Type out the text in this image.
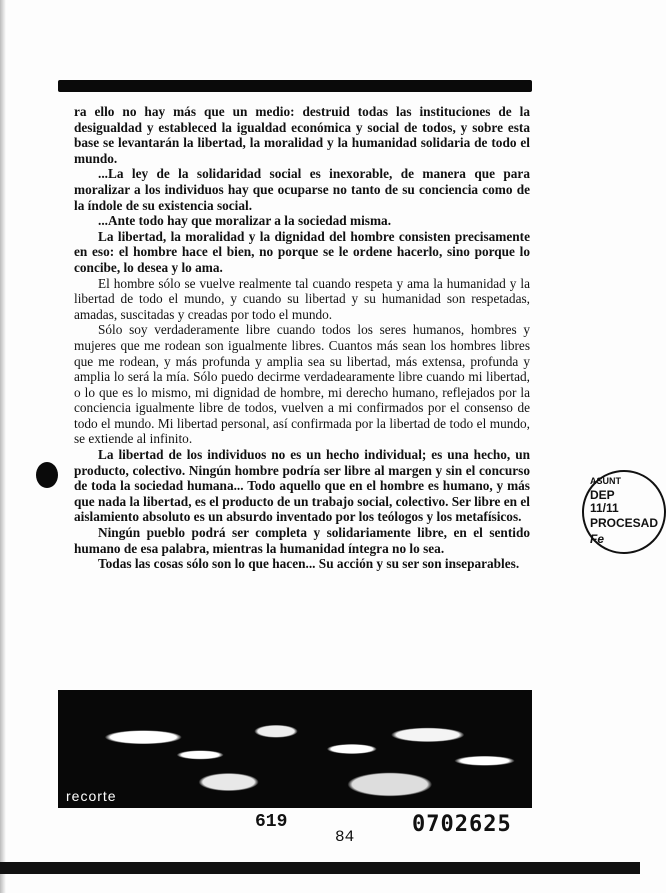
ra ello no hay más que un medio: destruid todas las instituciones de la desigualdad y estableced la igualdad económica y social de todos, y sobre esta base se levantarán la libertad, la moralidad y la humanidad solidaria de todo el mundo.

...La ley de la solidaridad social es inexorable, de manera que para moralizar a los individuos hay que ocuparse no tanto de su conciencia como de la índole de su existencia social.

...Ante todo hay que moralizar a la sociedad misma.

La libertad, la moralidad y la dignidad del hombre consisten precisamente en eso: el hombre hace el bien, no porque se le ordene hacerlo, sino porque lo concibe, lo desea y lo ama.

El hombre sólo se vuelve realmente tal cuando respeta y ama la humanidad y la libertad de todo el mundo, y cuando su libertad y su humanidad son respetadas, amadas, suscitadas y creadas por todo el mundo.

Sólo soy verdaderamente libre cuando todos los seres humanos, hombres y mujeres que me rodean son igualmente libres. Cuantos más sean los hombres libres que me rodean, y más profunda y amplia sea su libertad, más extensa, profunda y amplia lo será la mía. Sólo puedo decirme verdadearamente libre cuando mi libertad, o lo que es lo mismo, mi dignidad de hombre, mi derecho humano, reflejados por la conciencia igualmente libre de todos, vuelven a mi confirmados por el consenso de todo el mundo. Mi libertad personal, así confirmada por la libertad de todo el mundo, se extiende al infinito.

La libertad de los individuos no es un hecho individual; es una hecho, un producto, colectivo. Ningún hombre podría ser libre al margen y sin el concurso de toda la sociedad humana... Todo aquello que en el hombre es humano, y más que nada la libertad, es el producto de un trabajo social, colectivo. Ser libre en el aislamiento absoluto es un absurdo inventado por los teólogos y los metafísicos.

Ningún pueblo podrá ser completa y solidariamente libre, en el sentido humano de esa palabra, mientras la humanidad íntegra no lo sea.

Todas las cosas sólo son lo que hacen... Su acción y su ser son inseparables.

recorte
ASUNT
DEP
11/11
PROCESAD
Fe
619
84	0702625
